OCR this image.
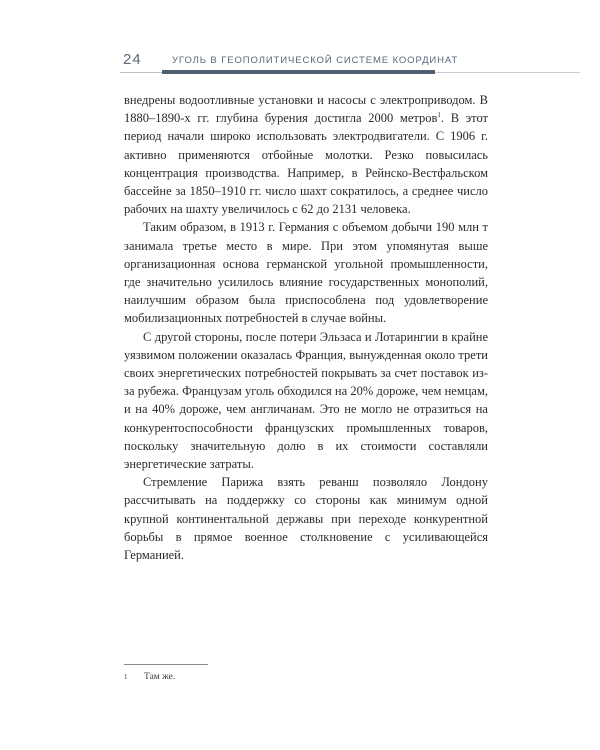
24	УГОЛЬ В ГЕОПОЛИТИЧЕСКОЙ СИСТЕМЕ КООРДИНАТ

внедрены водоотливные установки и насосы с электроприводом. В 1880–1890-х гг. глубина бурения достигла 2000 метров$^1$. В этот период начали широко использовать электродвигатели. С 1906 г. активно применяются отбойные молотки. Резко повысилась концентрация производства. Например, в Рейнско-Вестфальском бассейне за 1850–1910 гг. число шахт сократилось, а среднее число рабочих на шахту увеличилось с 62 до 2131 человека.

Таким образом, в 1913 г. Германия с объемом добычи 190 млн т занимала третье место в мире. При этом упомянутая выше организационная основа германской угольной промышленности, где значительно усилилось влияние государственных монополий, наилучшим образом была приспособлена под удовлетворение мобилизационных потребностей в случае войны.

С другой стороны, после потери Эльзаса и Лотарингии в крайне уязвимом положении оказалась Франция, вынужденная около трети своих энергетических потребностей покрывать за счет поставок из-за рубежа. Французам уголь обходился на 20% дороже, чем немцам, и на 40% дороже, чем англичанам. Это не могло не отразиться на конкурентоспособности французских промышленных товаров, поскольку значительную долю в их стоимости составляли энергетические затраты.

Стремление Парижа взять реванш позволяло Лондону рассчитывать на поддержку со стороны как минимум одной крупной континентальной державы при переходе конкурентной борьбы в прямое военное столкновение с усиливающейся Германией.

1 Там же.
